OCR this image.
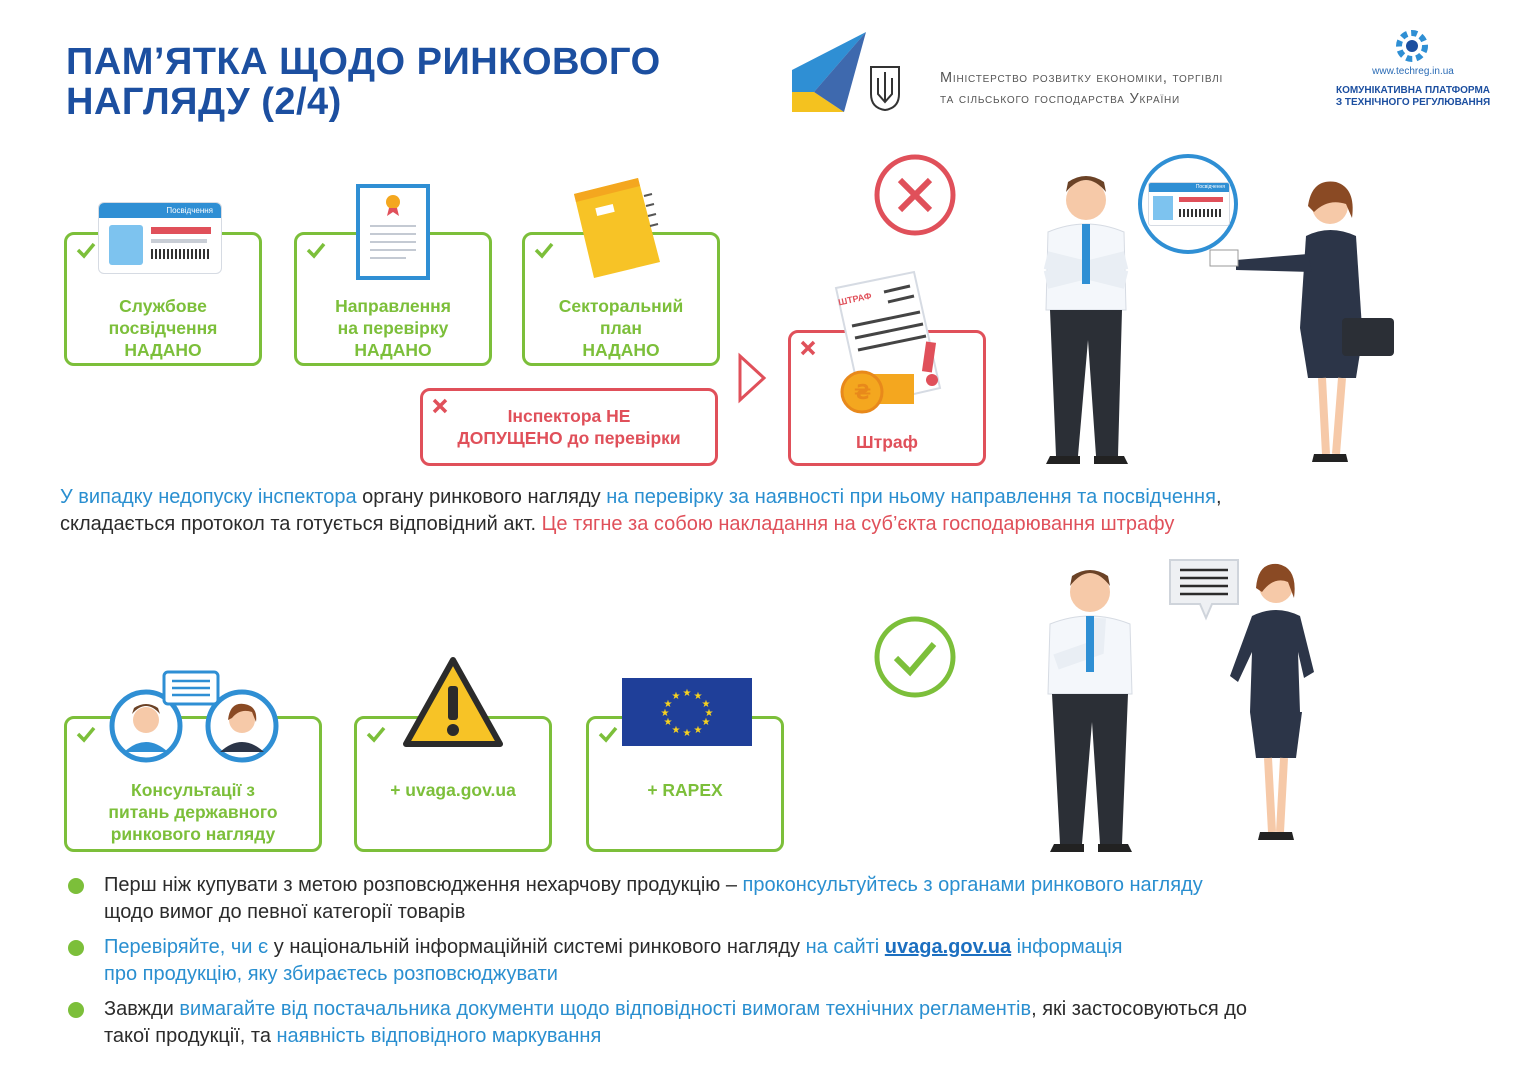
ПАМ’ЯТКА ЩОДО РИНКОВОГО
НАГЛЯДУ (2/4)
Міністерство розвитку економіки, торгівлі
та сільського господарства України
www.techreg.in.ua
КОМУНІКАТИВНА ПЛАТФОРМА
З ТЕХНІЧНОГО РЕГУЛЮВАННЯ
Службове
посвідчення
НАДАНО
Посвідчення
Направлення
на перевірку
НАДАНО
Секторальний
план
НАДАНО
Інспектора НЕ
ДОПУЩЕНО до перевірки	Штраф
₴
ШТРАФ
Посвідчення
У випадку недопуску інспектора органу ринкового нагляду на перевірку за наявності при ньому направлення та посвідчення,
складається протокол та готується відповідний акт. Це тягне за собою накладання на суб’єкта господарювання штрафу
Консультації з
питань державного
ринкового нагляду
+ uvaga.gov.ua	+ RAPEX
★ ★
★
★
★
★
★
★
★
★
★
★
Перш ніж купувати з метою розповсюдження нехарчову продукцію – проконсультуйтесь з органами ринкового нагляду
щодо вимог до певної категорії товарів
Перевіряйте, чи є у національній інформаційній системі ринкового нагляду на сайті uvaga.gov.ua інформація
про продукцію, яку збираєтесь розповсюджувати
Завжди вимагайте від постачальника документи щодо відповідності вимогам технічних регламентів, які застосовуються до
такої продукції, та наявність відповідного маркування
